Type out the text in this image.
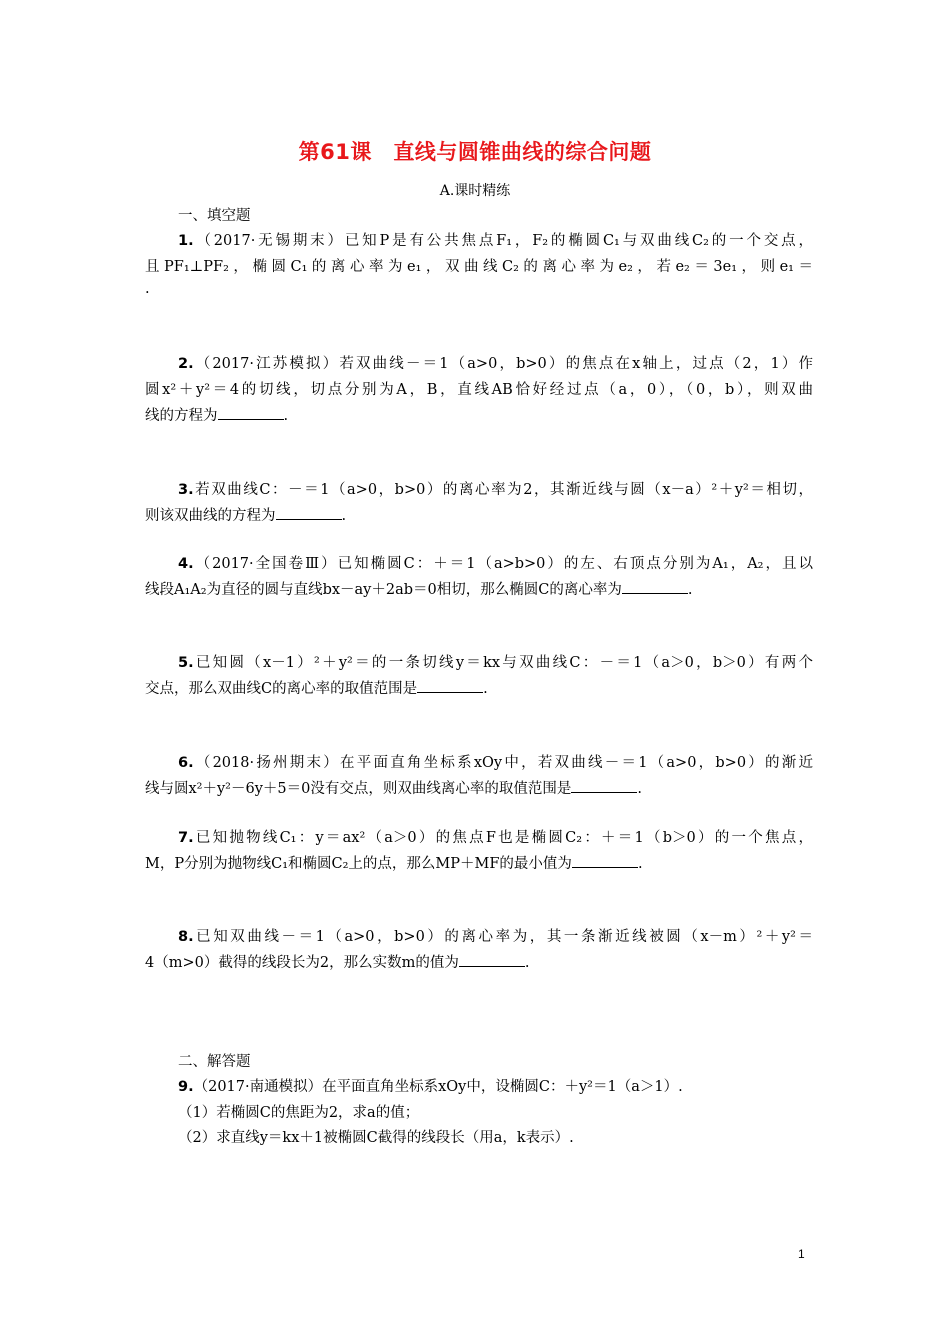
第61课　直线与圆锥曲线的综合问题
A.课时精练
一、填空题
1.（2017·无锡期末）已知P是有公共焦点F₁，F₂的椭圆C₁与双曲线C₂的一个交点，
且PF₁⊥PF₂，椭圆C₁的离心率为e₁，双曲线C₂的离心率为e₂，若e₂＝3e₁，则e₁＝
.
2.（2017·江苏模拟）若双曲线－＝1（a>0，b>0）的焦点在x轴上，过点（2，1）作
圆x²＋y²＝4的切线，切点分别为A，B，直线AB恰好经过点（a，0），（0，b），则双曲
线的方程为	.
3.若双曲线C：－＝1（a>0，b>0）的离心率为2，其渐近线与圆（x－a）²＋y²＝相切，
则该双曲线的方程为	.
4.（2017·全国卷Ⅲ）已知椭圆C：＋＝1（a>b>0）的左、右顶点分别为A₁，A₂，且以
线段A₁A₂为直径的圆与直线bx－ay＋2ab＝0相切，那么椭圆C的离心率为	.
5.已知圆（x－1）²＋y²＝的一条切线y＝kx与双曲线C：－＝1（a＞0，b＞0）有两个
交点，那么双曲线C的离心率的取值范围是	.
6.（2018·扬州期末）在平面直角坐标系xOy中，若双曲线－＝1（a>0，b>0）的渐近
线与圆x²＋y²－6y＋5＝0没有交点，则双曲线离心率的取值范围是	.
7.已知抛物线C₁：y＝ax²（a＞0）的焦点F也是椭圆C₂：＋＝1（b＞0）的一个焦点，
M，P分别为抛物线C₁和椭圆C₂上的点，那么MP＋MF的最小值为	.
8.已知双曲线－＝1（a>0，b>0）的离心率为，其一条渐近线被圆（x－m）²＋y²＝
4（m>0）截得的线段长为2，那么实数m的值为	.
二、解答题
9.（2017·南通模拟）在平面直角坐标系xOy中，设椭圆C：＋y²＝1（a＞1）.
（1）若椭圆C的焦距为2，求a的值；
（2）求直线y＝kx＋1被椭圆C截得的线段长（用a，k表示）.
1
